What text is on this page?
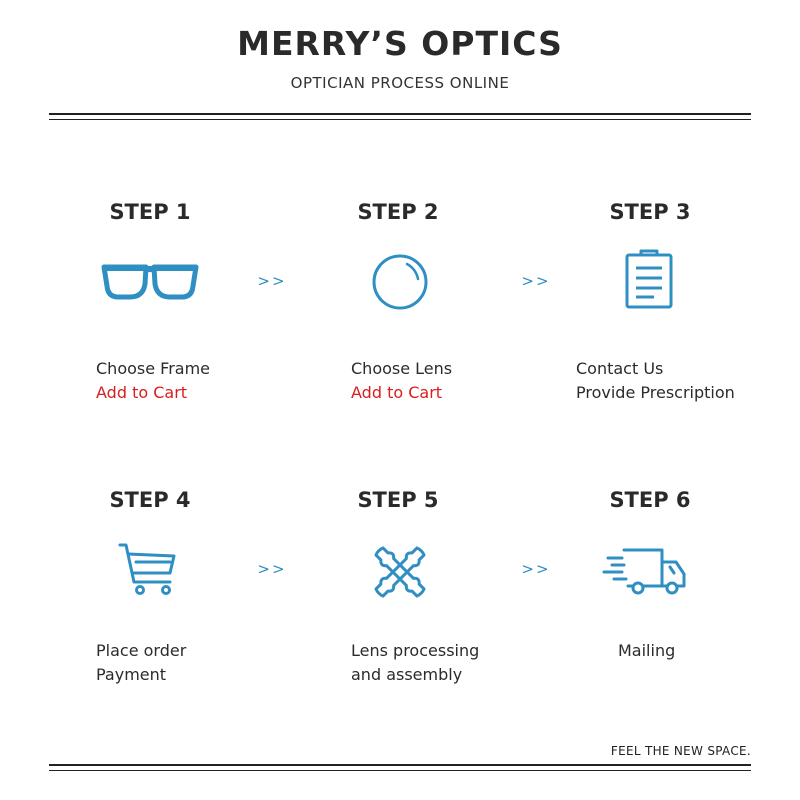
MERRY’S OPTICS
OPTICIAN PROCESS ONLINE
STEP 1
Choose Frame
Add to Cart
>>
STEP 2
Choose Lens
Add to Cart
>>
STEP 3
Contact Us
Provide Prescription
STEP 4
Place order
Payment
>>
STEP 5
Lens processing
and assembly
>>
STEP 6
Mailing
FEEL THE NEW SPACE.
